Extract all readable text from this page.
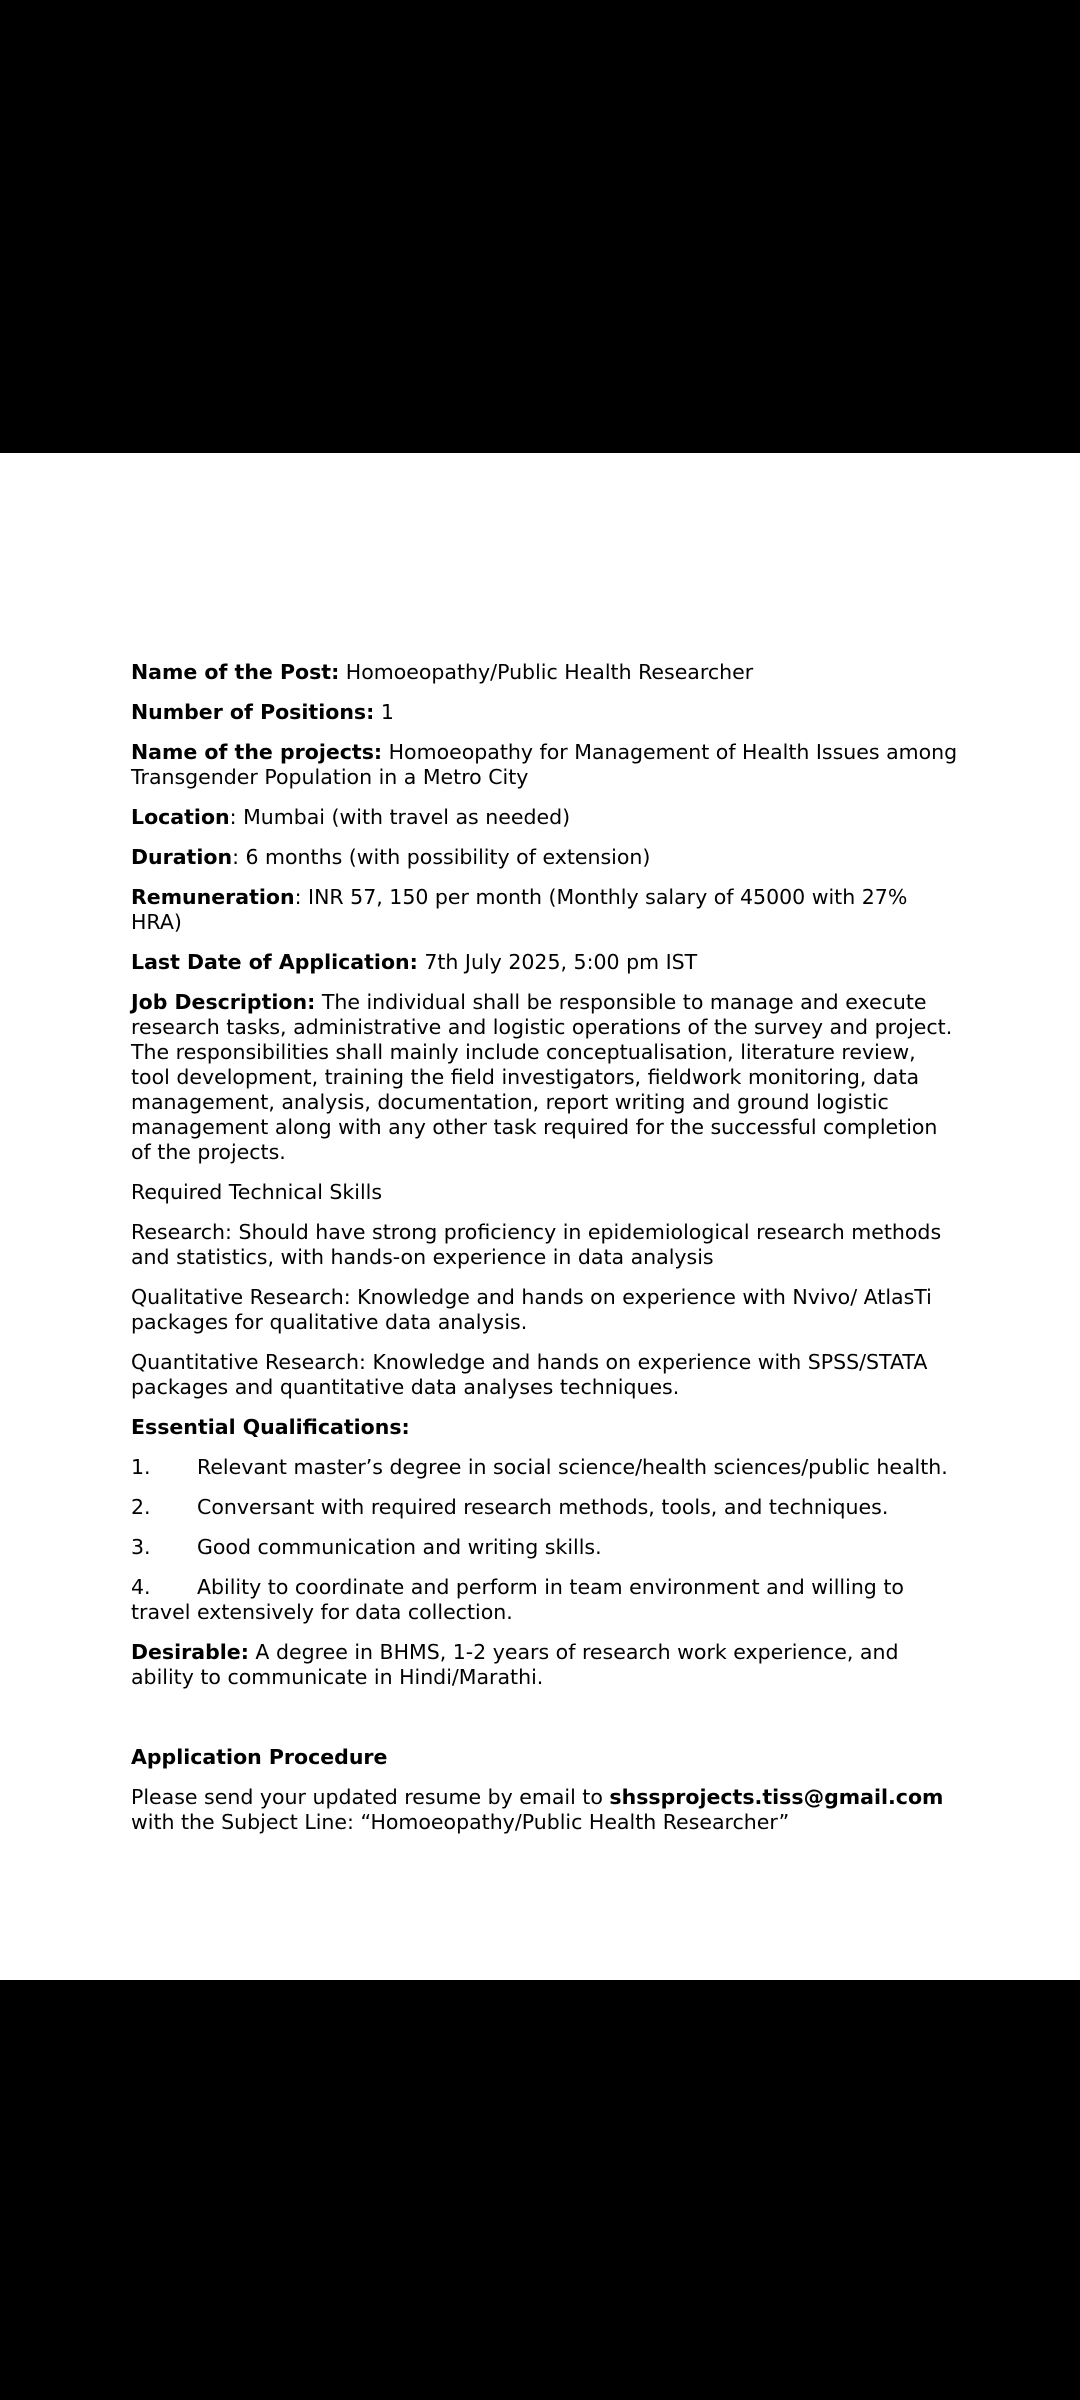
Name of the Post: Homoeopathy/Public Health Researcher

Number of Positions: 1

Name of the projects: Homoeopathy for Management of Health Issues among Transgender Population in a Metro City

Location: Mumbai (with travel as needed)

Duration: 6 months (with possibility of extension)

Remuneration: INR 57, 150 per month (Monthly salary of 45000 with 27% HRA)

Last Date of Application: 7th July 2025, 5:00 pm IST

Job Description: The individual shall be responsible to manage and execute research tasks, administrative and logistic operations of the survey and project. The responsibilities shall mainly include conceptualisation, literature review, tool development, training the field investigators, fieldwork monitoring, data management, analysis, documentation, report writing and ground logistic management along with any other task required for the successful completion of the projects.

Required Technical Skills

Research: Should have strong proficiency in epidemiological research methods and statistics, with hands-on experience in data analysis

Qualitative Research: Knowledge and hands on experience with Nvivo/ AtlasTi packages for qualitative data analysis.

Quantitative Research: Knowledge and hands on experience with SPSS/STATA packages and quantitative data analyses techniques.

Essential Qualifications:

1. Relevant master’s degree in social science/health sciences/public health.

2. Conversant with required research methods, tools, and techniques.

3. Good communication and writing skills.

4. Ability to coordinate and perform in team environment and willing to travel extensively for data collection.

Desirable: A degree in BHMS, 1-2 years of research work experience, and ability to communicate in Hindi/Marathi.

Application Procedure

Please send your updated resume by email to shssprojects.tiss@gmail.com with the Subject Line: “Homoeopathy/Public Health Researcher”
